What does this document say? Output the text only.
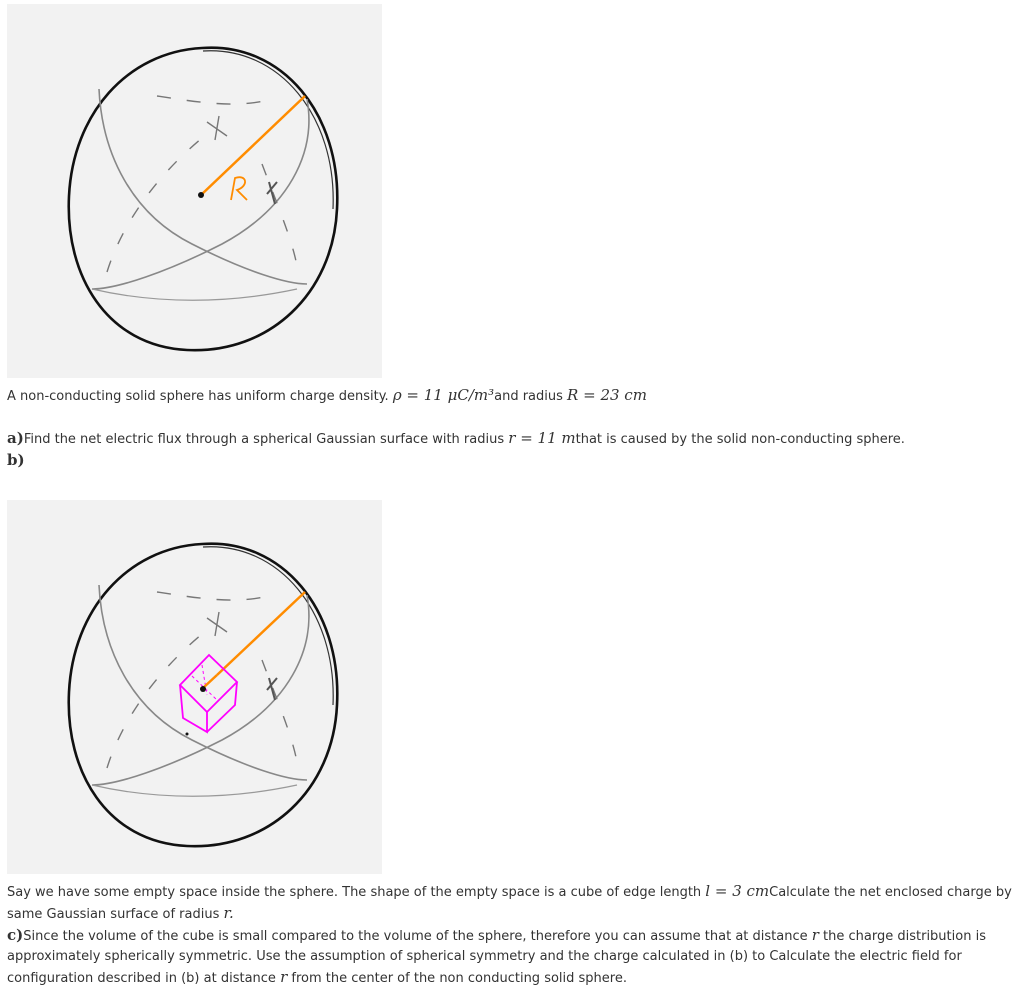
A non-conducting solid sphere has uniform charge density. ρ = 11 μC/m³and radius R = 23 cm
a)Find the net electric flux through a spherical Gaussian surface with radius r = 11 mthat is caused by the solid non-conducting sphere.
b)
Say we have some empty space inside the sphere. The shape of the empty space is a cube of edge length l = 3 cmCalculate the net enclosed charge by
same Gaussian surface of radius r.
c)Since the volume of the cube is small compared to the volume of the sphere, therefore you can assume that at distance r the charge distribution is
approximately spherically symmetric. Use the assumption of spherical symmetry and the charge calculated in (b) to Calculate the electric field for
configuration described in (b) at distance r from the center of the non conducting solid sphere.
